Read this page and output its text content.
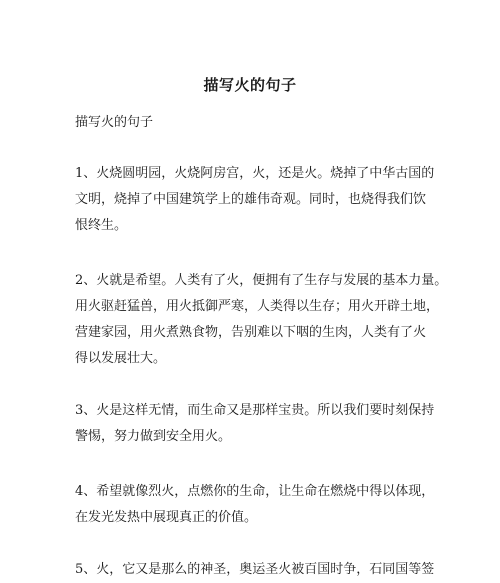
描写火的句子
描写火的句子
1、火烧圆明园，火烧阿房宫，火，还是火。烧掉了中华古国的
文明，烧掉了中国建筑学上的雄伟奇观。同时，也烧得我们饮
恨终生。
2、火就是希望。人类有了火，便拥有了生存与发展的基本力量。
用火驱赶猛兽，用火抵御严寒，人类得以生存；用火开辟土地，
营建家园，用火煮熟食物，告别难以下咽的生肉，人类有了火
得以发展壮大。
3、火是这样无情，而生命又是那样宝贵。所以我们要时刻保持
警惕，努力做到安全用火。
4、希望就像烈火，点燃你的生命，让生命在燃烧中得以体现，
在发光发热中展现真正的价值。
5、火，它又是那么的神圣，奥运圣火被百国时争，石同国等签
